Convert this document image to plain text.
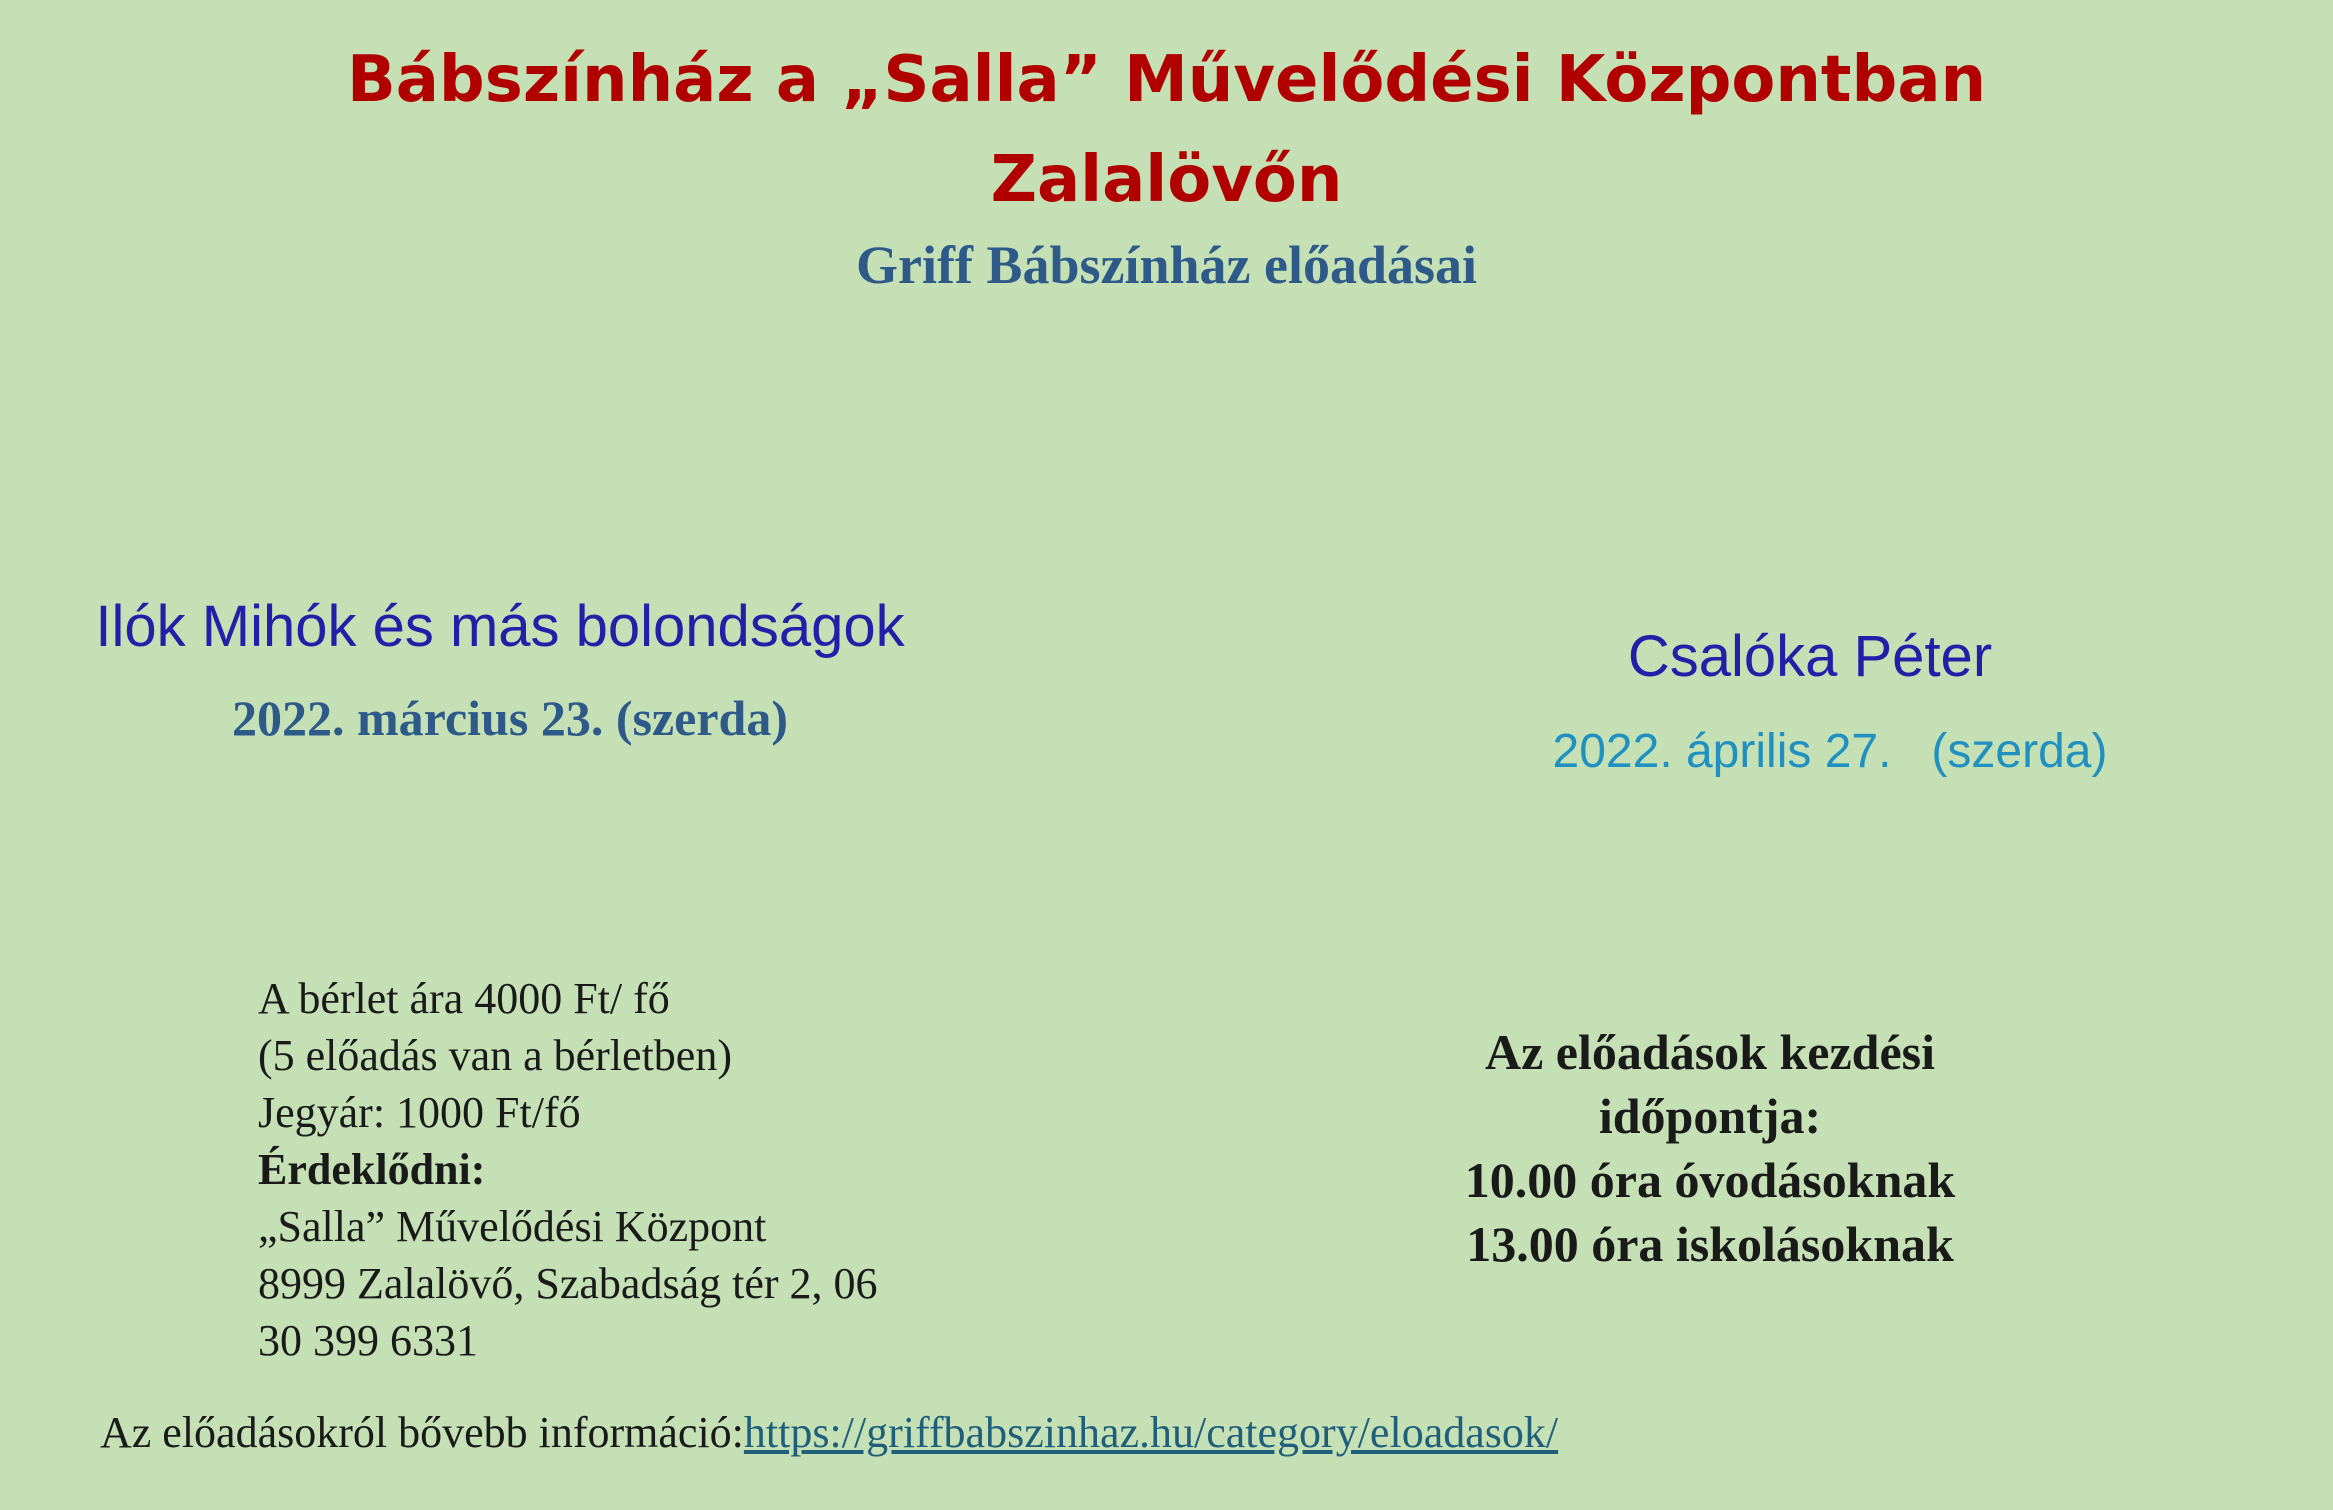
Bábszínház a „Salla” Művelődési Központban
Zalalövőn
Griff Bábszínház előadásai
Ilók Mihók és más bolondságok
2022. március 23. (szerda)
Csalóka Péter
2022. április 27.   (szerda)
A bérlet ára 4000 Ft/ fő
(5 előadás van a bérletben)
Jegyár: 1000 Ft/fő
Érdeklődni:
„Salla” Művelődési Központ
8999 Zalalövő, Szabadság tér 2, 06
30 399 6331
Az előadások kezdési
időpontja:
10.00 óra óvodásoknak
13.00 óra iskolásoknak
Az előadásokról bővebb információ:https://griffbabszinhaz.hu/category/eloadasok/
